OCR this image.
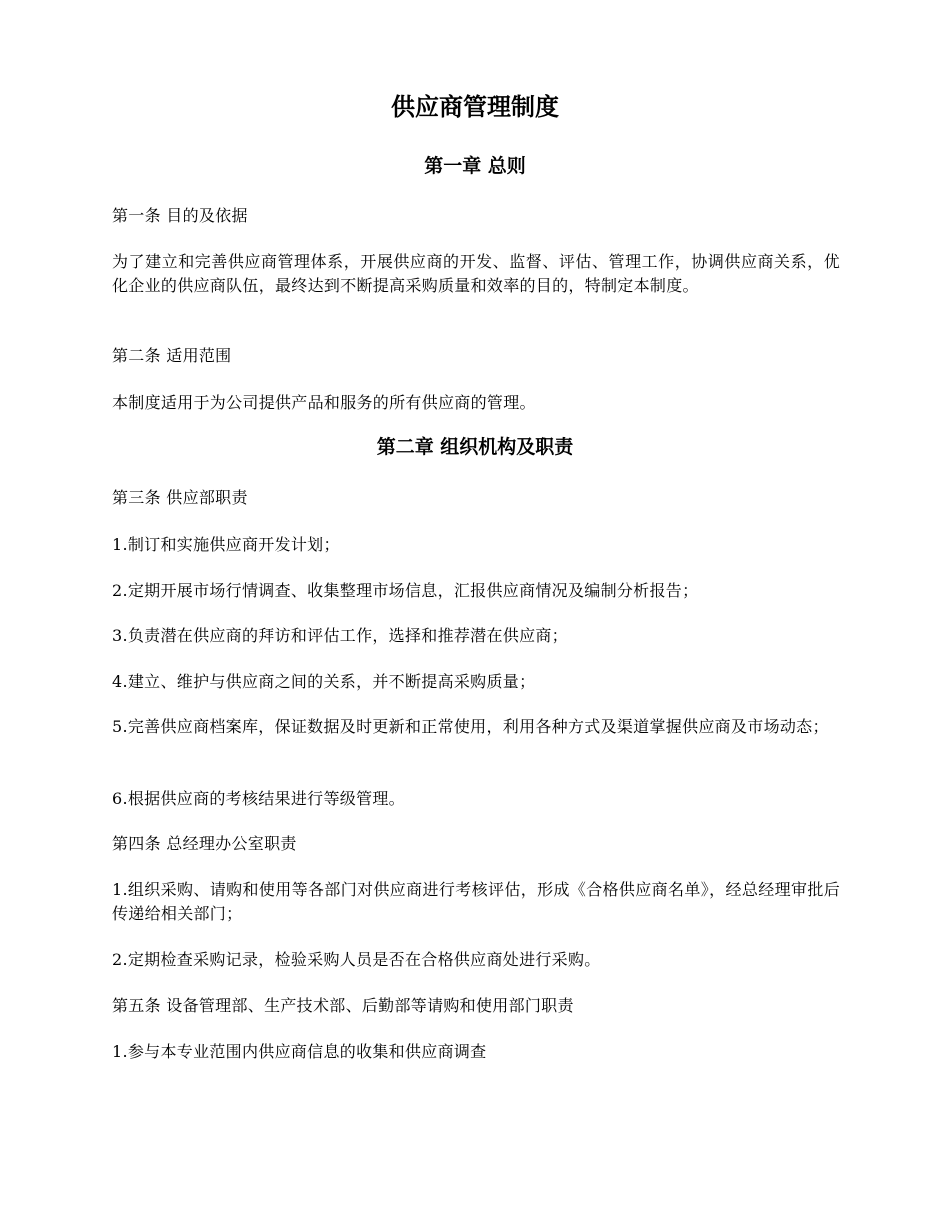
供应商管理制度
第一章 总则

第一条 目的及依据

为了建立和完善供应商管理体系，开展供应商的开发、监督、评估、管理工作，协调供应商关系，优化企业的供应商队伍，最终达到不断提高采购质量和效率的目的，特制定本制度。

第二条 适用范围

本制度适用于为公司提供产品和服务的所有供应商的管理。

第二章 组织机构及职责

第三条 供应部职责

1.制订和实施供应商开发计划；

2.定期开展市场行情调查、收集整理市场信息，汇报供应商情况及编制分析报告；

3.负责潜在供应商的拜访和评估工作，选择和推荐潜在供应商；

4.建立、维护与供应商之间的关系，并不断提高采购质量；

5.完善供应商档案库，保证数据及时更新和正常使用，利用各种方式及渠道掌握供应商及市场动态；

6.根据供应商的考核结果进行等级管理。

第四条 总经理办公室职责

1.组织采购、请购和使用等各部门对供应商进行考核评估，形成《合格供应商名单》，经总经理审批后传递给相关部门；

2.定期检查采购记录，检验采购人员是否在合格供应商处进行采购。

第五条 设备管理部、生产技术部、后勤部等请购和使用部门职责

1.参与本专业范围内供应商信息的收集和供应商调查
